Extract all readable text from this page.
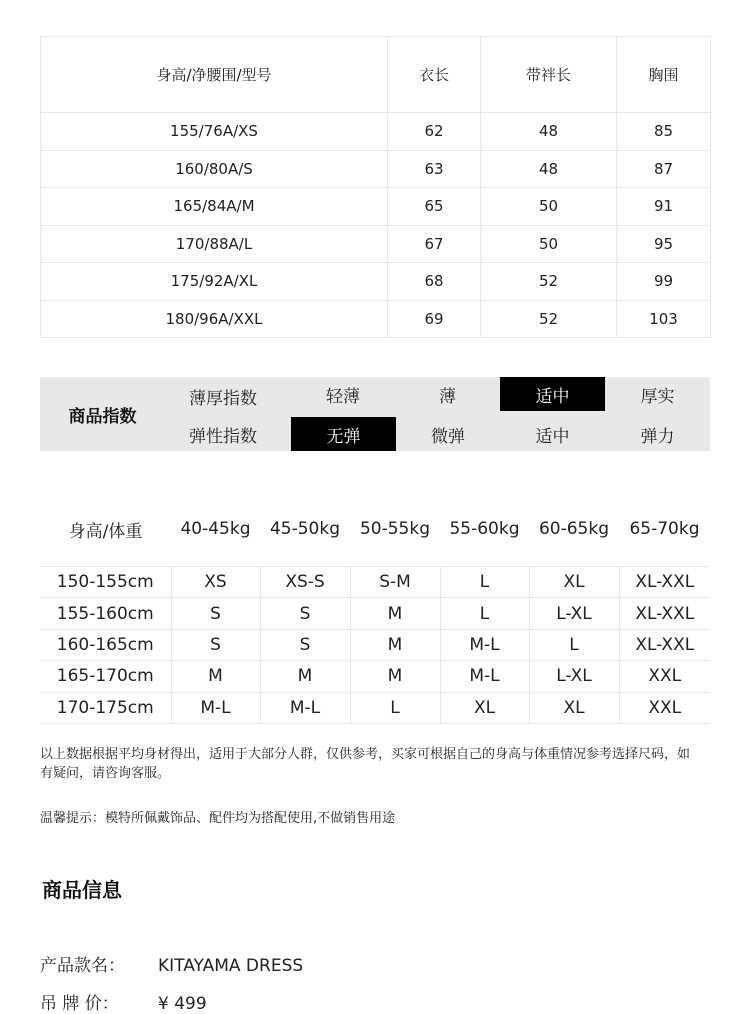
身高/净腰围/型号	衣长	带袢长	胸围
155/76A/XS	62	48	85
160/80A/S	63	48	87
165/84A/M	65	50	91
170/88A/L	67	50	95
175/92A/XL	68	52	99
180/96A/XXL	69	52	103
商品指数
薄厚指数	轻薄	薄	适中	厚实
弹性指数	无弹	微弹	适中	弹力
身高/体重	40-45kg	45-50kg	50-55kg	55-60kg	60-65kg	65-70kg
150-155cm	XS	XS-S	S-M	L	XL	XL-XXL
155-160cm	S	S	M	L	L-XL	XL-XXL
160-165cm	S	S	M	M-L	L	XL-XXL
165-170cm	M	M	M	M-L	L-XL	XXL
170-175cm	M-L	M-L	L	XL	XL	XXL
以上数据根据平均身材得出，适用于大部分人群，仅供参考，买家可根据自己的身高与体重情况参考选择尺码，如有疑问，请咨询客服。
温馨提示：模特所佩戴饰品、配件均为搭配使用,不做销售用途
商品信息
产品款名： KITAYAMA DRESS
吊 牌 价： ¥ 499
